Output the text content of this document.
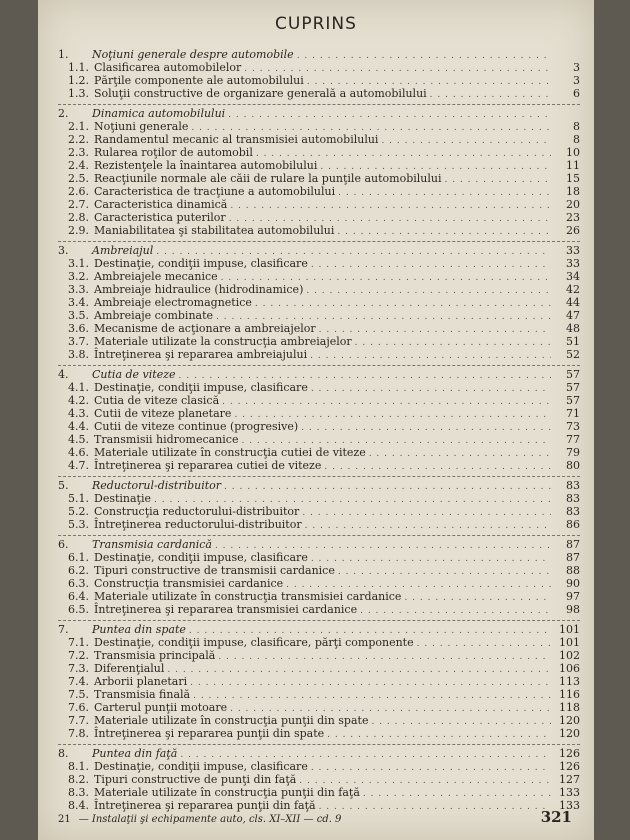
CUPRINS
1.	Noţiuni generale despre automobile
. . .
1.1. Clasificarea automobilelor . . .	3
1.2. Părţile componente ale automobilului . . .	3
1.3. Soluţii constructive de organizare generală a automobilului . . .	6
2.	Dinamica automobilului
. . .
2.1. Noţiuni generale . . .	8
2.2. Randamentul mecanic al transmisiei automobilului . . .	8
2.3. Rularea roţilor de automobil . . .	10
2.4. Rezistenţele la înaintarea automobilului . . .	11
2.5. Reacţiunile normale ale căii de rulare la punţile automobilului . . .	15
2.6. Caracteristica de tracţiune a automobilului . . .	18
2.7. Caracteristica dinamică . . .	20
2.8. Caracteristica puterilor . . .	23
2.9. Maniabilitatea şi stabilitatea automobilului . . .	26
3.	Ambreiajul . . .	33
3.1. Destinaţie, condiţii impuse, clasificare . . .	33
3.2. Ambreiajele mecanice . . .	34
3.3. Ambreiaje hidraulice (hidrodinamice) . . .	42
3.4. Ambreiaje electromagnetice . . .	44
3.5. Ambreiaje combinate . . .	47
3.6. Mecanisme de acţionare a ambreiajelor . . .	48
3.7. Materiale utilizate la construcţia ambreiajelor . . .	51
3.8. Întreţinerea şi repararea ambreiajului . . .	52
4.	Cutia de viteze . . .	57
4.1. Destinaţie, condiţii impuse, clasificare . . .	57
4.2. Cutia de viteze clasică . . .	57
4.3. Cutii de viteze planetare . . .	71
4.4. Cutii de viteze continue (progresive) . . .	73
4.5. Transmisii hidromecanice . . .	77
4.6. Materiale utilizate în construcţia cutiei de viteze . . .	79
4.7. Întreţinerea şi repararea cutiei de viteze . . .	80
5.	Reductorul-distribuitor . . .	83
5.1. Destinaţie . . .	83
5.2. Construcţia reductorului-distribuitor . . .	83
5.3. Întreţinerea reductorului-distribuitor . . .	86
6.	Transmisia cardanică . . .	87
6.1. Destinaţie, condiţii impuse, clasificare . . .	87
6.2. Tipuri constructive de transmisii cardanice . . .	88
6.3. Construcţia transmisiei cardanice . . .	90
6.4. Materiale utilizate în construcţia transmisiei cardanice . . .	97
6.5. Întreţinerea şi repararea transmisiei cardanice . . .	98
7.	Puntea din spate . . .	101
7.1. Destinaţie, condiţii impuse, clasificare, părţi componente . . .	101
7.2. Transmisia principală . . .	102
7.3. Diferenţialul . . .	106
7.4. Arborii planetari . . .	113
7.5. Transmisia finală . . .	116
7.6. Carterul punţii motoare . . .	118
7.7. Materiale utilizate în construcţia punţii din spate . . .	120
7.8. Întreţinerea şi repararea punţii din spate . . .	120
8.	Puntea din faţă . . .	126
8.1. Destinaţie, condiţii impuse, clasificare . . .	126
8.2. Tipuri constructive de punţi din faţă . . .	127
8.3. Materiale utilizate în construcţia punţii din faţă . . .	133
8.4. Întreţinerea şi repararea punţii din faţă . . .	133
21 — Instalaţii şi echipamente auto, cls. XI–XII — cd. 9	321
